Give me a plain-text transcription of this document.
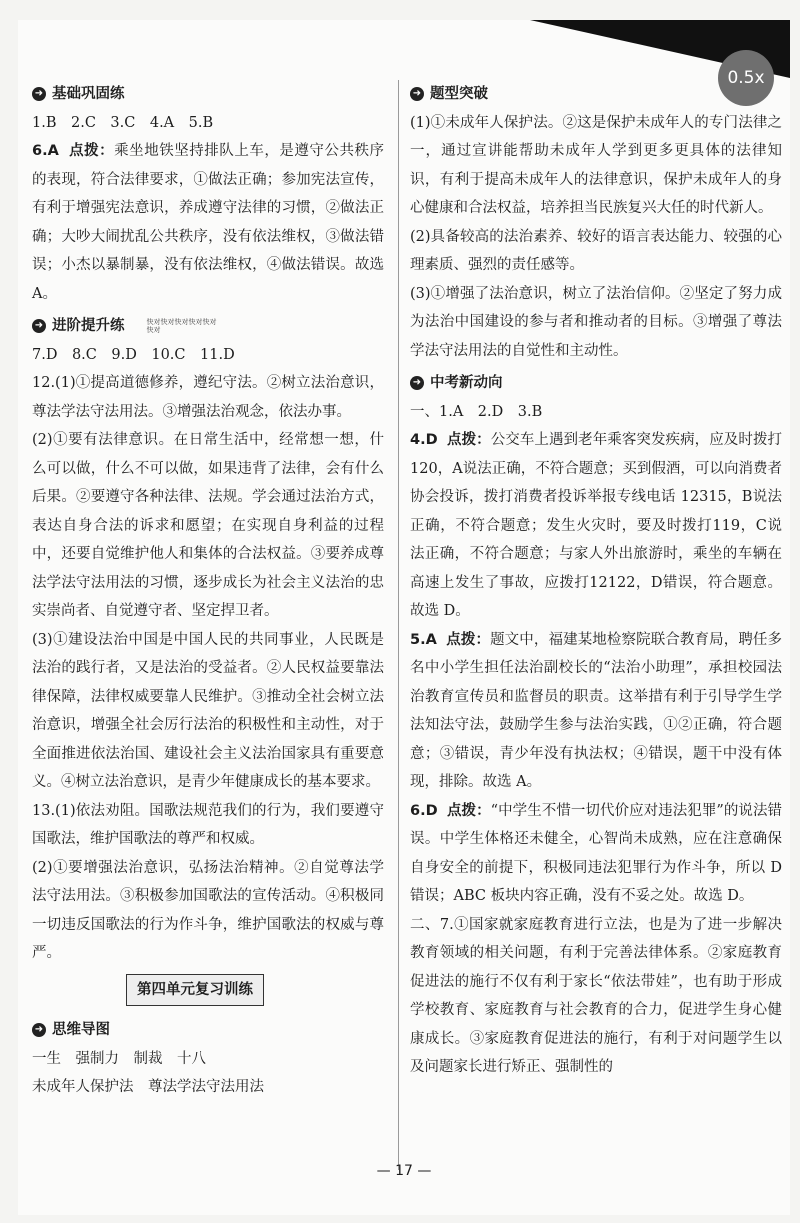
➜ 基础巩固练

1.B　2.C　3.C　4.A　5.B

6.A 点拨：乘坐地铁坚持排队上车，是遵守公共秩序的表现，符合法律要求，①做法正确；参加宪法宣传，有利于增强宪法意识，养成遵守法律的习惯，②做法正确；大吵大闹扰乱公共秩序，没有依法维权，③做法错误；小杰以暴制暴，没有依法维权，④做法错误。故选 A。

➜ 进阶提升练	快对快对快对快对快对快对

7.D　8.C　9.D　10.C　11.D

12.(1)①提高道德修养，遵纪守法。②树立法治意识，尊法学法守法用法。③增强法治观念，依法办事。

(2)①要有法律意识。在日常生活中，经常想一想，什么可以做，什么不可以做，如果违背了法律，会有什么后果。②要遵守各种法律、法规。学会通过法治方式，表达自身合法的诉求和愿望；在实现自身利益的过程中，还要自觉维护他人和集体的合法权益。③要养成尊法学法守法用法的习惯，逐步成长为社会主义法治的忠实崇尚者、自觉遵守者、坚定捍卫者。

(3)①建设法治中国是中国人民的共同事业，人民既是法治的践行者，又是法治的受益者。②人民权益要靠法律保障，法律权威要靠人民维护。③推动全社会树立法治意识，增强全社会厉行法治的积极性和主动性，对于全面推进依法治国、建设社会主义法治国家具有重要意义。④树立法治意识，是青少年健康成长的基本要求。

13.(1)依法劝阻。国歌法规范我们的行为，我们要遵守国歌法，维护国歌法的尊严和权威。

(2)①要增强法治意识，弘扬法治精神。②自觉尊法学法守法用法。③积极参加国歌法的宣传活动。④积极同一切违反国歌法的行为作斗争，维护国歌法的权威与尊严。

第四单元复习训练
➜ 思维导图

一生　强制力　制裁　十八

未成年人保护法　尊法学法守法用法

➜ 题型突破

(1)①未成年人保护法。②这是保护未成年人的专门法律之一，通过宣讲能帮助未成年人学到更多更具体的法律知识，有利于提高未成年人的法律意识，保护未成年人的身心健康和合法权益，培养担当民族复兴大任的时代新人。

(2)具备较高的法治素养、较好的语言表达能力、较强的心理素质、强烈的责任感等。

(3)①增强了法治意识，树立了法治信仰。②坚定了努力成为法治中国建设的参与者和推动者的目标。③增强了尊法学法守法用法的自觉性和主动性。

➜ 中考新动向

一、1.A　2.D　3.B

4.D 点拨：公交车上遇到老年乘客突发疾病，应及时拨打120，A说法正确，不符合题意；买到假酒，可以向消费者协会投诉，拨打消费者投诉举报专线电话 12315，B说法正确，不符合题意；发生火灾时，要及时拨打119，C说法正确，不符合题意；与家人外出旅游时，乘坐的车辆在高速上发生了事故，应拨打12122，D错误，符合题意。故选 D。

5.A 点拨：题文中，福建某地检察院联合教育局，聘任多名中小学生担任法治副校长的“法治小助理”，承担校园法治教育宣传员和监督员的职责。这举措有利于引导学生学法知法守法，鼓励学生参与法治实践，①②正确，符合题意；③错误，青少年没有执法权；④错误，题干中没有体现，排除。故选 A。

6.D 点拨：“中学生不惜一切代价应对违法犯罪”的说法错误。中学生体格还未健全，心智尚未成熟，应在注意确保自身安全的前提下，积极同违法犯罪行为作斗争，所以 D 错误；ABC 板块内容正确，没有不妥之处。故选 D。

二、7.①国家就家庭教育进行立法，也是为了进一步解决教育领域的相关问题，有利于完善法律体系。②家庭教育促进法的施行不仅有利于家长“依法带娃”，也有助于形成学校教育、家庭教育与社会教育的合力，促进学生身心健康成长。③家庭教育促进法的施行，有利于对问题学生以及问题家长进行矫正、强制性的

— 17 —
0.5x
